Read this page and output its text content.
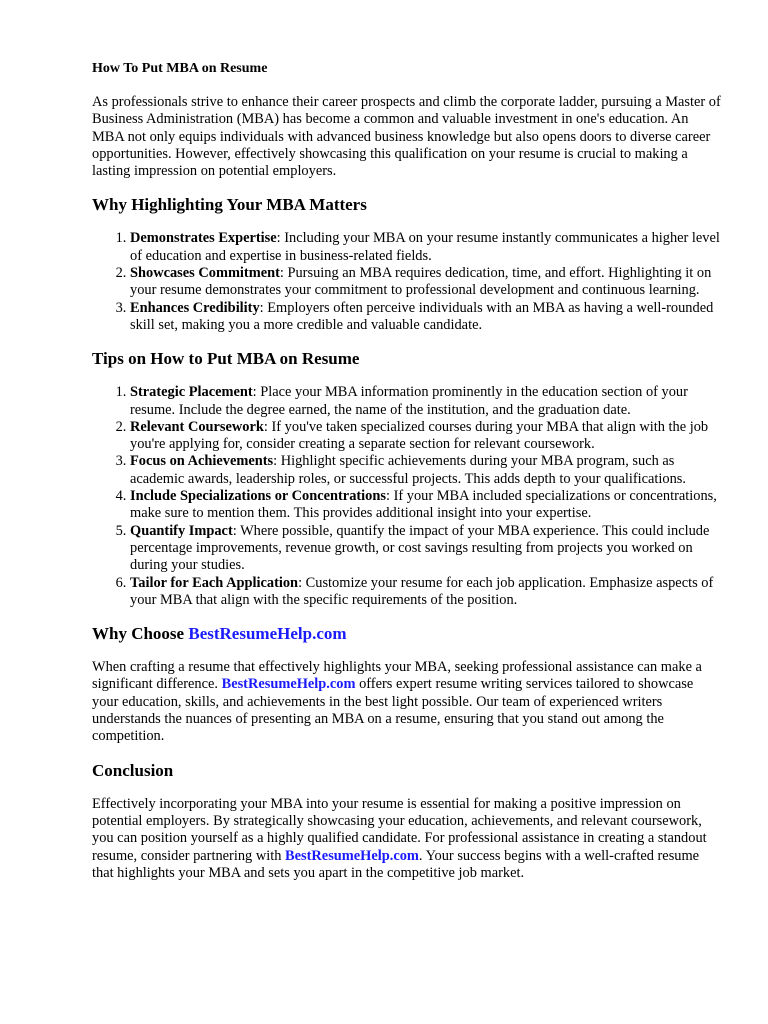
How To Put MBA on Resume

As professionals strive to enhance their career prospects and climb the corporate ladder, pursuing a Master of Business Administration (MBA) has become a common and valuable investment in one's education. An MBA not only equips individuals with advanced business knowledge but also opens doors to diverse career opportunities. However, effectively showcasing this qualification on your resume is crucial to making a lasting impression on potential employers.

Why Highlighting Your MBA Matters
1. Demonstrates Expertise: Including your MBA on your resume instantly communicates a higher level of education and expertise in business-related fields.
2. Showcases Commitment: Pursuing an MBA requires dedication, time, and effort. Highlighting it on your resume demonstrates your commitment to professional development and continuous learning.
3. Enhances Credibility: Employers often perceive individuals with an MBA as having a well-rounded skill set, making you a more credible and valuable candidate.
Tips on How to Put MBA on Resume
1. Strategic Placement: Place your MBA information prominently in the education section of your resume. Include the degree earned, the name of the institution, and the graduation date.
2. Relevant Coursework: If you've taken specialized courses during your MBA that align with the job you're applying for, consider creating a separate section for relevant coursework.
3. Focus on Achievements: Highlight specific achievements during your MBA program, such as academic awards, leadership roles, or successful projects. This adds depth to your qualifications.
4. Include Specializations or Concentrations: If your MBA included specializations or concentrations, make sure to mention them. This provides additional insight into your expertise.
5. Quantify Impact: Where possible, quantify the impact of your MBA experience. This could include percentage improvements, revenue growth, or cost savings resulting from projects you worked on during your studies.
6. Tailor for Each Application: Customize your resume for each job application. Emphasize aspects of your MBA that align with the specific requirements of the position.
Why Choose BestResumeHelp.com

When crafting a resume that effectively highlights your MBA, seeking professional assistance can make a significant difference. BestResumeHelp.com offers expert resume writing services tailored to showcase your education, skills, and achievements in the best light possible. Our team of experienced writers understands the nuances of presenting an MBA on a resume, ensuring that you stand out among the competition.

Conclusion

Effectively incorporating your MBA into your resume is essential for making a positive impression on potential employers. By strategically showcasing your education, achievements, and relevant coursework, you can position yourself as a highly qualified candidate. For professional assistance in creating a standout resume, consider partnering with BestResumeHelp.com. Your success begins with a well-crafted resume that highlights your MBA and sets you apart in the competitive job market.
